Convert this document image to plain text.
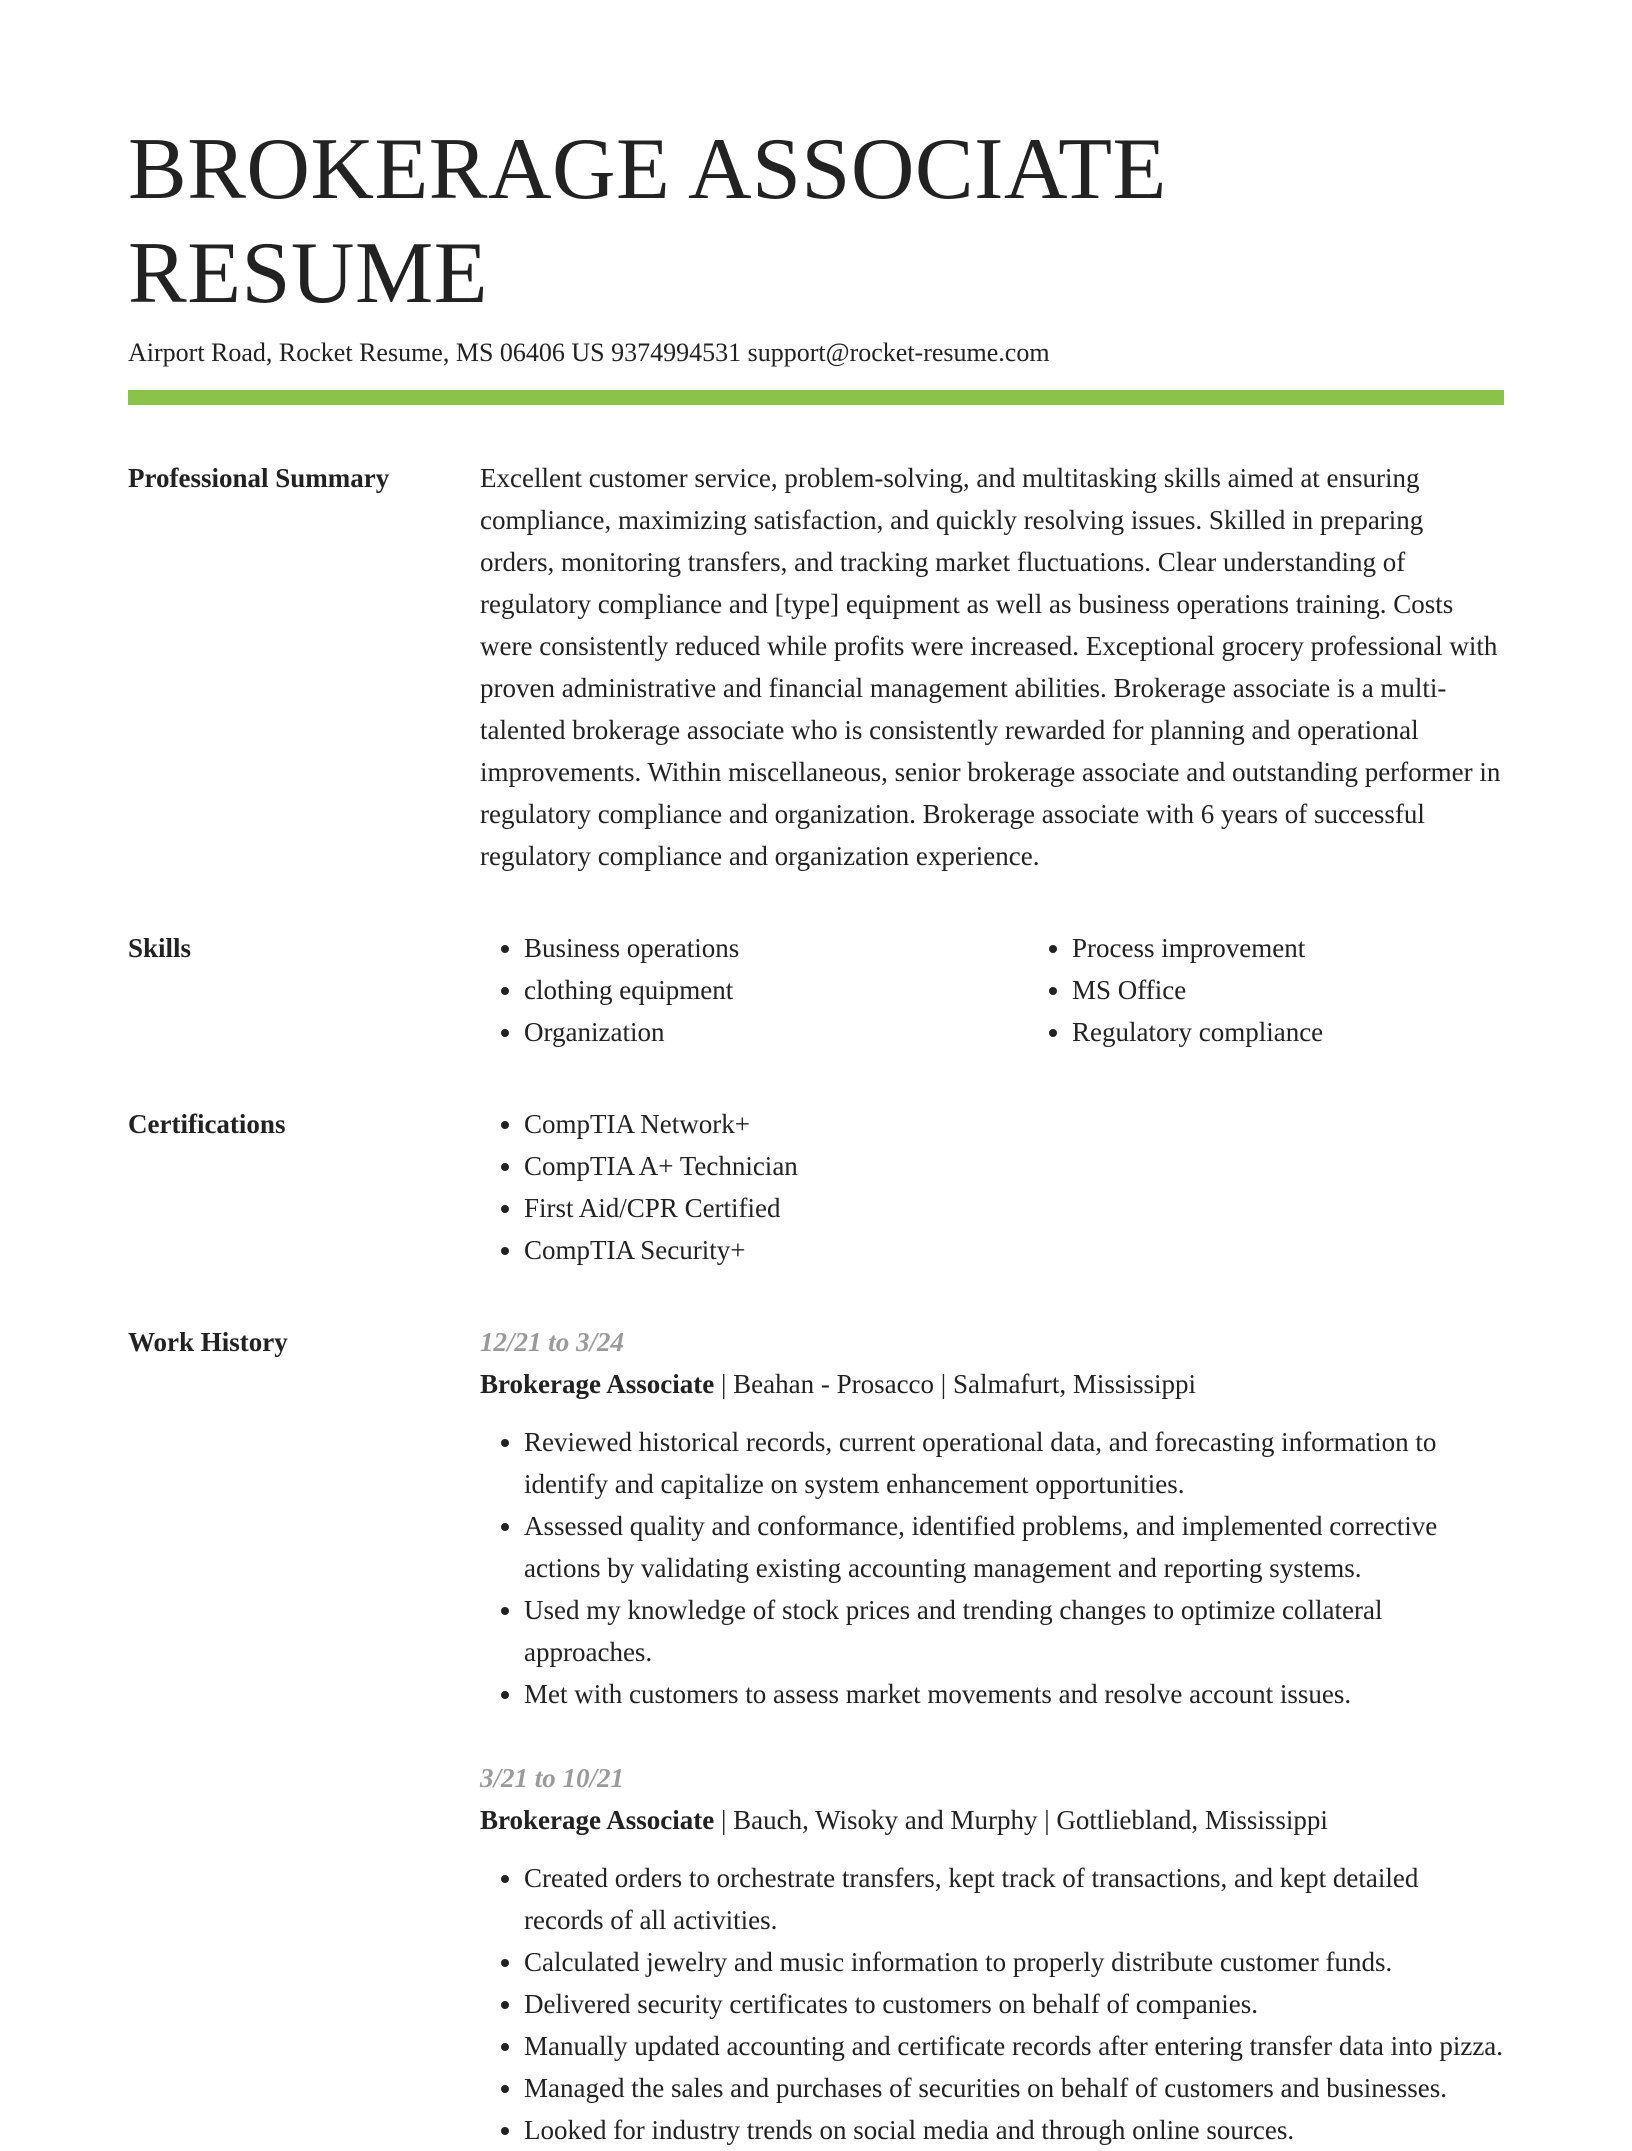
BROKERAGE ASSOCIATE RESUME
Airport Road, Rocket Resume, MS 06406 US 9374994531 support@rocket-resume.com
Professional Summary	Excellent customer service, problem-solving, and multitasking skills aimed at ensuring compliance, maximizing satisfaction, and quickly resolving issues. Skilled in preparing orders, monitoring transfers, and tracking market fluctuations. Clear understanding of regulatory compliance and [type] equipment as well as business operations training. Costs were consistently reduced while profits were increased. Exceptional grocery professional with proven administrative and financial management abilities. Brokerage associate is a multi-talented brokerage associate who is consistently rewarded for planning and operational improvements. Within miscellaneous, senior brokerage associate and outstanding performer in regulatory compliance and organization. Brokerage associate with 6 years of successful regulatory compliance and organization experience.

Skills	• Business operations
• clothing equipment
• Organization
• Process improvement
• MS Office
• Regulatory compliance
Certifications	• CompTIA Network+
• CompTIA A+ Technician
• First Aid/CPR Certified
• CompTIA Security+
Work History	12/21 to 3/24
Brokerage Associate | Beahan - Prosacco | Salmafurt, Mississippi
• Reviewed historical records, current operational data, and forecasting information to identify and capitalize on system enhancement opportunities.
• Assessed quality and conformance, identified problems, and implemented corrective actions by validating existing accounting management and reporting systems.
• Used my knowledge of stock prices and trending changes to optimize collateral approaches.
• Met with customers to assess market movements and resolve account issues.
3/21 to 10/21
Brokerage Associate | Bauch, Wisoky and Murphy | Gottliebland, Mississippi
• Created orders to orchestrate transfers, kept track of transactions, and kept detailed records of all activities.
• Calculated jewelry and music information to properly distribute customer funds.
• Delivered security certificates to customers on behalf of companies.
• Manually updated accounting and certificate records after entering transfer data into pizza.
• Managed the sales and purchases of securities on behalf of customers and businesses.
• Looked for industry trends on social media and through online sources.
